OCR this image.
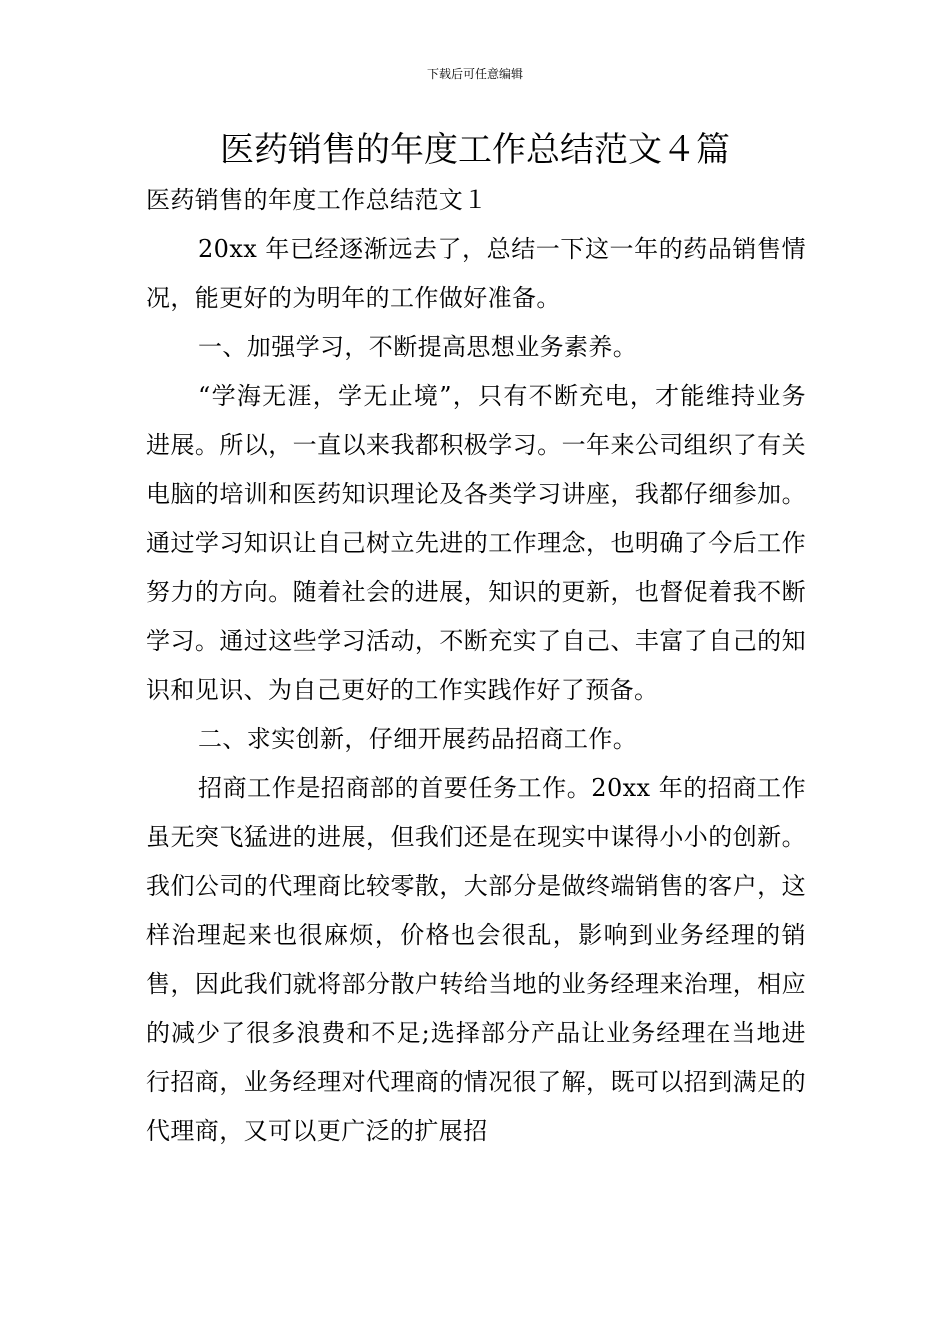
下载后可任意编辑
医药销售的年度工作总结范文４篇

医药销售的年度工作总结范文１

20xx 年已经逐渐远去了，总结一下这一年的药品销售情况，能更好的为明年的工作做好准备。

一、加强学习，不断提高思想业务素养。

“学海无涯，学无止境”，只有不断充电，才能维持业务进展。所以，一直以来我都积极学习。一年来公司组织了有关电脑的培训和医药知识理论及各类学习讲座，我都仔细参加。通过学习知识让自己树立先进的工作理念，也明确了今后工作努力的方向。随着社会的进展，知识的更新，也督促着我不断学习。通过这些学习活动，不断充实了自己、丰富了自己的知识和见识、为自己更好的工作实践作好了预备。

二、求实创新，仔细开展药品招商工作。

招商工作是招商部的首要任务工作。20xx 年的招商工作虽无突飞猛进的进展，但我们还是在现实中谋得小小的创新。我们公司的代理商比较零散，大部分是做终端销售的客户，这样治理起来也很麻烦，价格也会很乱，影响到业务经理的销售，因此我们就将部分散户转给当地的业务经理来治理，相应的减少了很多浪费和不足;选择部分产品让业务经理在当地进行招商，业务经理对代理商的情况很了解，既可以招到满足的代理商，又可以更广泛的扩展招
